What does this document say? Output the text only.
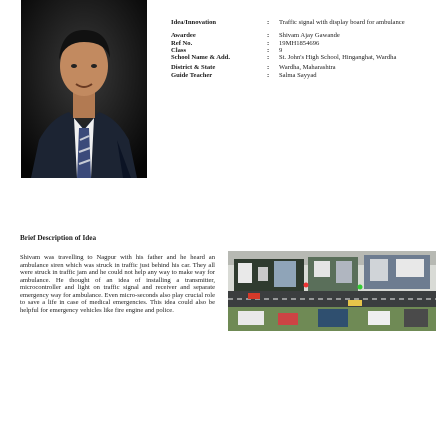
Idea/Innovation	:	Traffic signal with display board for ambulance
Awardee	:	Shivam Ajay Gawande
Ref No.	:	19MH1854696
Class	:	9
School Name & Add.	:	St. John's High School, Hinganghat, Wardha
District & State	:	Wardha, Maharashtra
Guide Teacher	:	Salma Sayyad
Brief Description of Idea
Shivam was travelling to Nagpur with his father and he heard an ambulance siren which was struck in traffic just behind his car. They all were struck in traffic jam and he could not help any way to make way for ambulance. He thought of an idea of installing a transmitter, microcontroller and light on traffic signal and receiver and separate emergency way for ambulance. Even micro-seconds also play crucial role to save a life in case of medical emergencies. This idea could also be helpful for emergency vehicles like fire engine and police.
